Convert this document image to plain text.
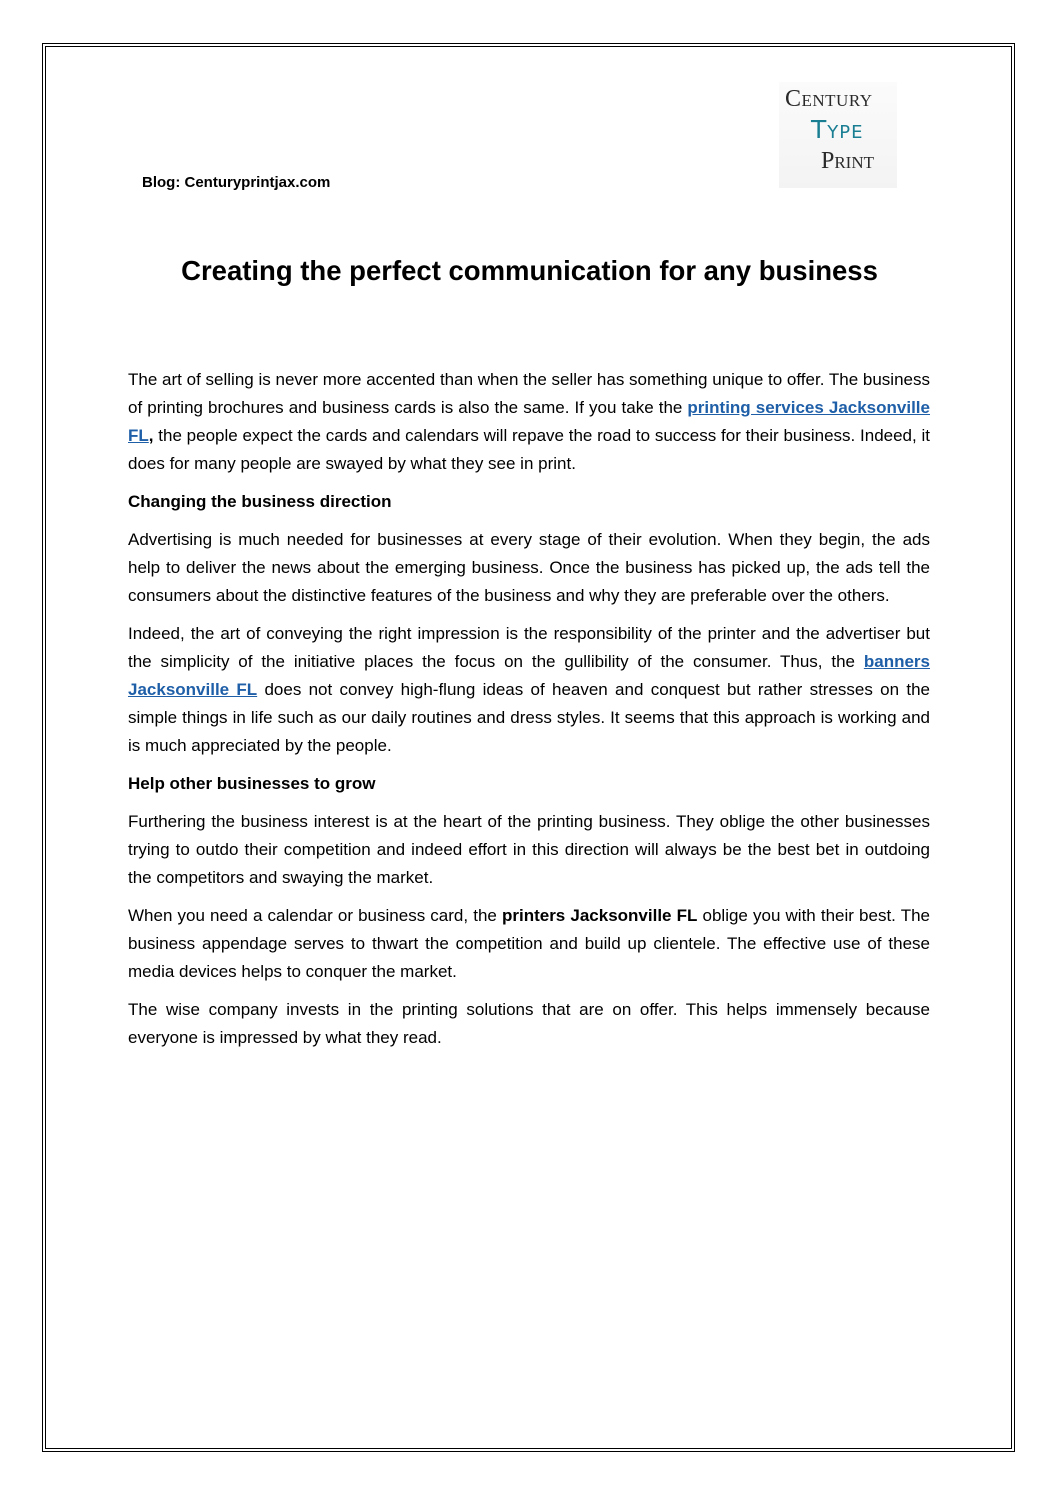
Century
Type
Print
Blog: Centuryprintjax.com
Creating the perfect communication for any business

The art of selling is never more accented than when the seller has something unique to offer. The business of printing brochures and business cards is also the same. If you take the printing services Jacksonville FL, the people expect the cards and calendars will repave the road to success for their business. Indeed, it does for many people are swayed by what they see in print.

Changing the business direction

Advertising is much needed for businesses at every stage of their evolution. When they begin, the ads help to deliver the news about the emerging business. Once the business has picked up, the ads tell the consumers about the distinctive features of the business and why they are preferable over the others.

Indeed, the art of conveying the right impression is the responsibility of the printer and the advertiser but the simplicity of the initiative places the focus on the gullibility of the consumer. Thus, the banners Jacksonville FL does not convey high-flung ideas of heaven and conquest but rather stresses on the simple things in life such as our daily routines and dress styles. It seems that this approach is working and is much appreciated by the people.

Help other businesses to grow

Furthering the business interest is at the heart of the printing business. They oblige the other businesses trying to outdo their competition and indeed effort in this direction will always be the best bet in outdoing the competitors and swaying the market.

When you need a calendar or business card, the printers Jacksonville FL oblige you with their best. The business appendage serves to thwart the competition and build up clientele. The effective use of these media devices helps to conquer the market.

The wise company invests in the printing solutions that are on offer. This helps immensely because everyone is impressed by what they read.
